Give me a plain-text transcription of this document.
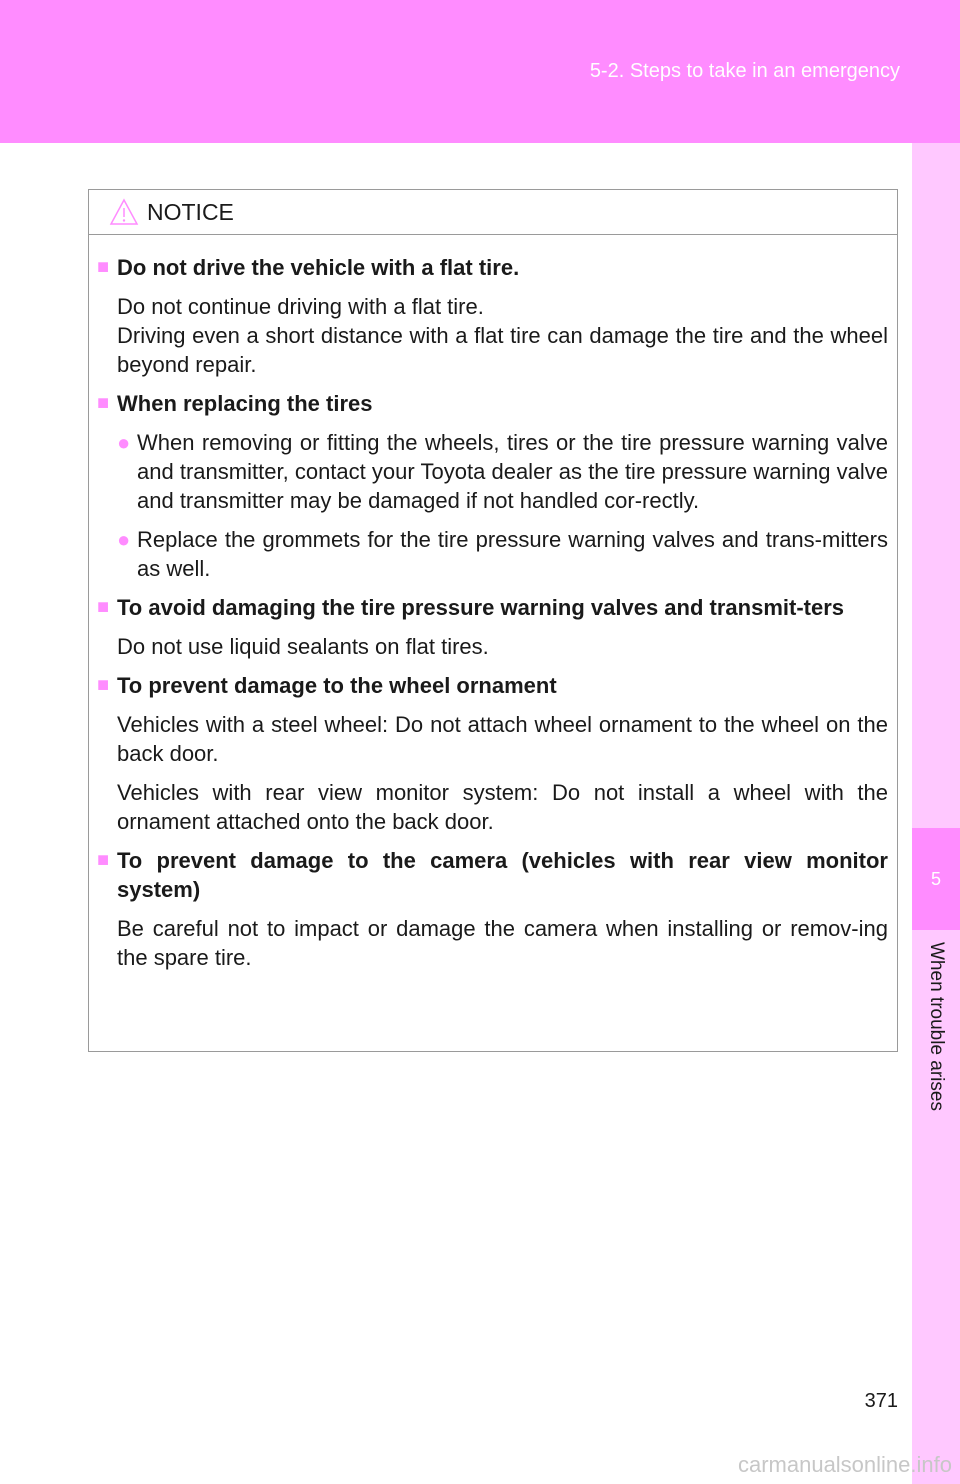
5-2. Steps to take in an emergency
5
When trouble arises
NOTICE
■ Do not drive the vehicle with a flat tire.
Do not continue driving with a flat tire.
Driving even a short distance with a flat tire can damage the tire and the wheel beyond repair.
■ When replacing the tires
● When removing or fitting the wheels, tires or the tire pressure warning valve and transmitter, contact your Toyota dealer as the tire pressure warning valve and transmitter may be damaged if not handled cor-rectly.
● Replace the grommets for the tire pressure warning valves and trans-mitters as well.
■ To avoid damaging the tire pressure warning valves and transmit-ters
Do not use liquid sealants on flat tires.
■ To prevent damage to the wheel ornament
Vehicles with a steel wheel: Do not attach wheel ornament to the wheel on the back door.
Vehicles with rear view monitor system: Do not install a wheel with the ornament attached onto the back door.
■ To prevent damage to the camera (vehicles with rear view monitor system)
Be careful not to impact or damage the camera when installing or remov-ing the spare tire.
371
carmanualsonline.info
